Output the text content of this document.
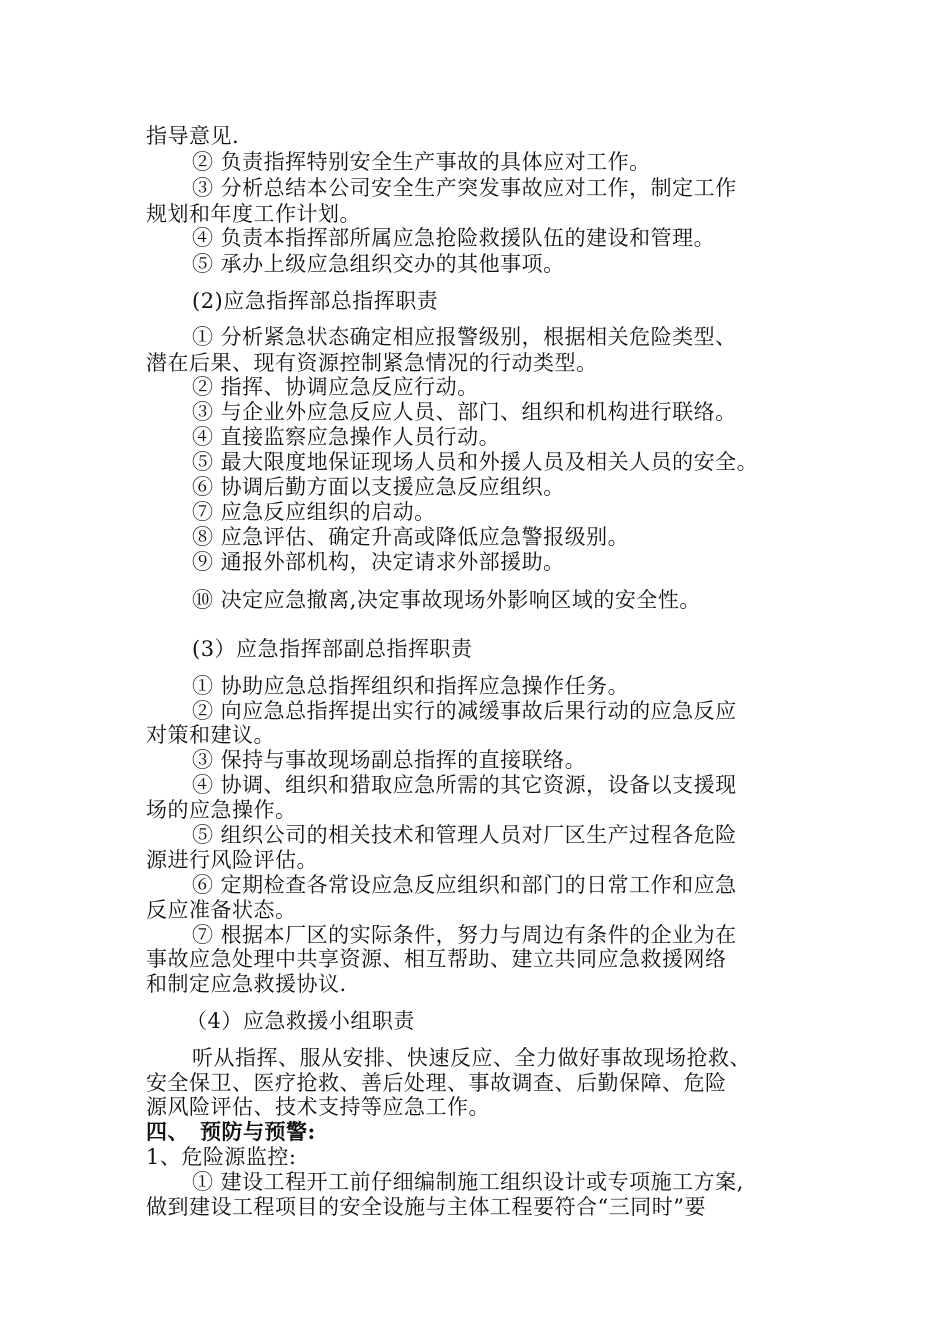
指导意见.
② 负责指挥特别安全生产事故的具体应对工作。
③ 分析总结本公司安全生产突发事故应对工作，制定工作
规划和年度工作计划。
④ 负责本指挥部所属应急抢险救援队伍的建设和管理。
⑤ 承办上级应急组织交办的其他事项。
(2)应急指挥部总指挥职责
① 分析紧急状态确定相应报警级别，根据相关危险类型、
潜在后果、现有资源控制紧急情况的行动类型。
② 指挥、协调应急反应行动。
③ 与企业外应急反应人员、部门、组织和机构进行联络。
④ 直接监察应急操作人员行动。
⑤ 最大限度地保证现场人员和外援人员及相关人员的安全。
⑥ 协调后勤方面以支援应急反应组织。
⑦ 应急反应组织的启动。
⑧ 应急评估、确定升高或降低应急警报级别。
⑨ 通报外部机构，决定请求外部援助。
⑩ 决定应急撤离,决定事故现场外影响区域的安全性。
(3）应急指挥部副总指挥职责
① 协助应急总指挥组织和指挥应急操作任务。
② 向应急总指挥提出实行的减缓事故后果行动的应急反应
对策和建议。
③ 保持与事故现场副总指挥的直接联络。
④ 协调、组织和猎取应急所需的其它资源，设备以支援现
场的应急操作。
⑤ 组织公司的相关技术和管理人员对厂区生产过程各危险
源进行风险评估。
⑥ 定期检查各常设应急反应组织和部门的日常工作和应急
反应准备状态。
⑦ 根据本厂区的实际条件，努力与周边有条件的企业为在
事故应急处理中共享资源、相互帮助、建立共同应急救援网络
和制定应急救援协议.
（4）应急救援小组职责
听从指挥、服从安排、快速反应、全力做好事故现场抢救、
安全保卫、医疗抢救、善后处理、事故调查、后勤保障、危险
源风险评估、技术支持等应急工作。
四、　预防与预警:
1、危险源监控:
① 建设工程开工前仔细编制施工组织设计或专项施工方案,
做到建设工程项目的安全设施与主体工程要符合“三同时”要
